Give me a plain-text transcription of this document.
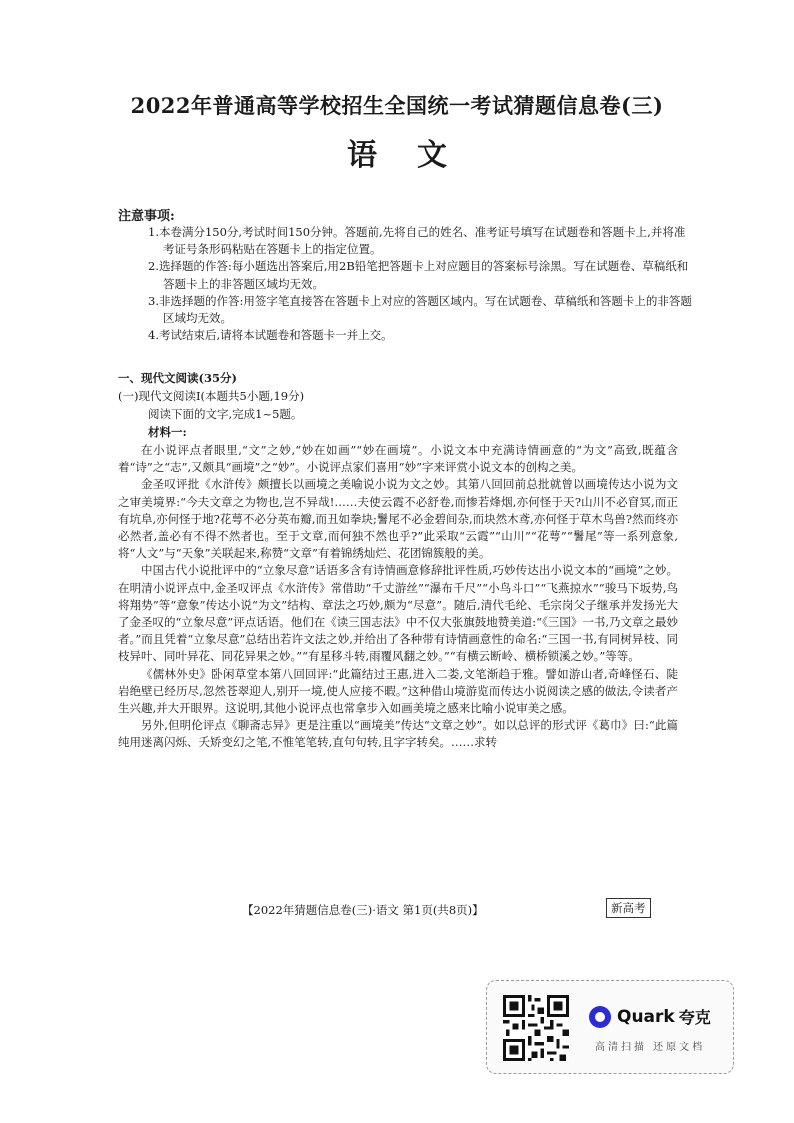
2022年普通高等学校招生全国统一考试猜题信息卷(三)
语文
注意事项:
1.本卷满分150分,考试时间150分钟。答题前,先将自己的姓名、准考证号填写在试题卷和答题卡上,并将准考证号条形码粘贴在答题卡上的指定位置。
2.选择题的作答:每小题选出答案后,用2B铅笔把答题卡上对应题目的答案标号涂黑。写在试题卷、草稿纸和答题卡上的非答题区域均无效。
3.非选择题的作答:用签字笔直接答在答题卡上对应的答题区域内。写在试题卷、草稿纸和答题卡上的非答题区域均无效。
4.考试结束后,请将本试题卷和答题卡一并上交。
一、现代文阅读(35分)
(一)现代文阅读Ⅰ(本题共5小题,19分)
阅读下面的文字,完成1~5题。
材料一:

在小说评点者眼里,“文”之妙,“妙在如画”“妙在画境”。小说文本中充满诗情画意的“为文”高致,既蕴含着“诗”之“志”,又颇具“画境”之“妙”。小说评点家们喜用“妙”字来评赏小说文本的创构之美。

金圣叹评批《水浒传》颇擅长以画境之美喻说小说为文之妙。其第八回回前总批就曾以画境传达小说为文之审美境界:“今夫文章之为物也,岂不异哉!……夫使云霞不必舒卷,而惨若烽烟,亦何怪于天?山川不必窅冥,而正有坑阜,亦何怪于地?花萼不必分英布瓣,而丑如拳块;鬐尾不必金碧间杂,而块然木鸢,亦何怪于草木鸟兽?然而终亦必然者,盖必有不得不然者也。至于文章,而何独不然也乎?”此采取“云霞”“山川”“花萼”“鬐尾”等一系列意象,将“人文”与“天象”关联起来,称赞“文章”有着锦绣灿烂、花团锦簇般的美。

中国古代小说批评中的“立象尽意”话语多含有诗情画意修辞批评性质,巧妙传达出小说文本的“画境”之妙。在明清小说评点中,金圣叹评点《水浒传》常借助“千丈游丝”“瀑布千尺”“小鸟斗口”“飞燕掠水”“骏马下坂势,鸟将翔势”等“意象”传达小说“为文”结构、章法之巧妙,颇为“尽意”。随后,清代毛纶、毛宗岗父子继承并发扬光大了金圣叹的“立象尽意”评点话语。他们在《读三国志法》中不仅大张旗鼓地赞美道:“《三国》一书,乃文章之最妙者。”而且凭着“立象尽意”总结出若许文法之妙,并给出了各种带有诗情画意性的命名:“三国一书,有同树异枝、同枝异叶、同叶异花、同花异果之妙。”“有星移斗转,雨覆风翻之妙。”“有横云断岭、横桥锁溪之妙。”等等。

《儒林外史》卧闲草堂本第八回回评:“此篇结过王惠,进入二娄,文笔渐趋于雅。譬如游山者,奇峰怪石、陡岩绝壁已经历尽,忽然苍翠迎人,别开一境,使人应接不暇。”这种借山境游览而传达小说阅读之感的做法,令读者产生兴趣,并大开眼界。这说明,其他小说评点也常拿步入如画美境之感来比喻小说审美之感。

另外,但明伦评点《聊斋志异》更是注重以“画境美”传达“文章之妙”。如以总评的形式评《葛巾》曰:“此篇纯用迷离闪烁、夭矫变幻之笔,不惟笔笔转,直句句转,且字字转矣。……求转

【2022年猜题信息卷(三)·语文 第1页(共8页)】	新高考
Quark 夸克
高清扫描 还原文档
